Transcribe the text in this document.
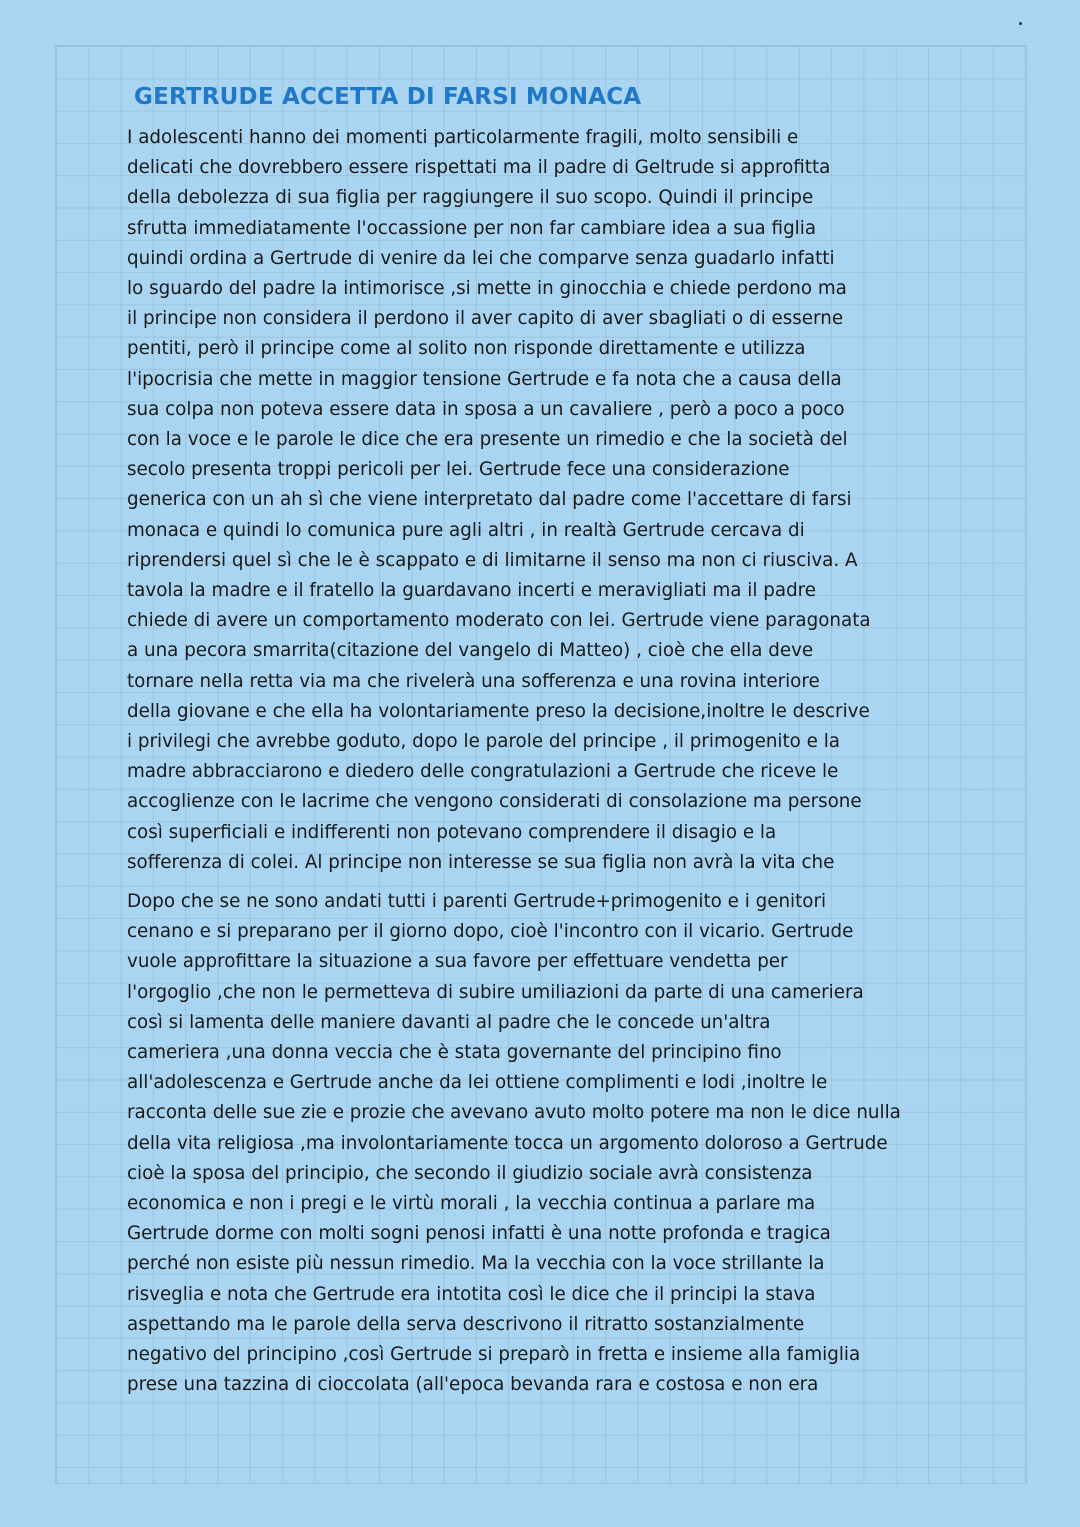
GERTRUDE ACCETTA DI FARSI MONACA
I adolescenti hanno dei momenti particolarmente fragili, molto sensibili e
delicati che dovrebbero essere rispettati ma il padre di Geltrude si approfitta
della debolezza di sua figlia per raggiungere il suo scopo. Quindi il principe
sfrutta immediatamente l'occassione per non far cambiare idea a sua figlia
quindi ordina a Gertrude di venire da lei che comparve senza guadarlo infatti
lo sguardo del padre la intimorisce ,si mette in ginocchia e chiede perdono ma
il principe non considera il perdono il aver capito di aver sbagliati o di esserne
pentiti, però il principe come al solito non risponde direttamente e utilizza
l'ipocrisia che mette in maggior tensione Gertrude e fa nota che a causa della
sua colpa non poteva essere data in sposa a un cavaliere , però a poco a poco
con la voce e le parole le dice che era presente un rimedio e che la società del
secolo presenta troppi pericoli per lei. Gertrude fece una considerazione
generica con un ah sì che viene interpretato dal padre come l'accettare di farsi
monaca e quindi lo comunica pure agli altri , in realtà Gertrude cercava di
riprendersi quel sì che le è scappato e di limitarne il senso ma non ci riusciva. A
tavola la madre e il fratello la guardavano incerti e meravigliati ma il padre
chiede di avere un comportamento moderato con lei. Gertrude viene paragonata
a una pecora smarrita(citazione del vangelo di Matteo) , cioè che ella deve
tornare nella retta via ma che rivelerà una sofferenza e una rovina interiore
della giovane e che ella ha volontariamente preso la decisione,inoltre le descrive
i privilegi che avrebbe goduto, dopo le parole del principe , il primogenito e la
madre abbracciarono e diedero delle congratulazioni a Gertrude che riceve le
accoglienze con le lacrime che vengono considerati di consolazione ma persone
così superficiali e indifferenti non potevano comprendere il disagio e la
sofferenza di colei. Al principe non interesse se sua figlia non avrà la vita che
Dopo che se ne sono andati tutti i parenti Gertrude+primogenito e i genitori
cenano e si preparano per il giorno dopo, cioè l'incontro con il vicario. Gertrude
vuole approfittare la situazione a sua favore per effettuare vendetta per
l'orgoglio ,che non le permetteva di subire umiliazioni da parte di una cameriera
così si lamenta delle maniere davanti al padre che le concede un'altra
cameriera ,una donna veccia che è stata governante del principino fino
all'adolescenza e Gertrude anche da lei ottiene complimenti e lodi ,inoltre le
racconta delle sue zie e prozie che avevano avuto molto potere ma non le dice nulla
della vita religiosa ,ma involontariamente tocca un argomento doloroso a Gertrude
cioè la sposa del principio, che secondo il giudizio sociale avrà consistenza
economica e non i pregi e le virtù morali , la vecchia continua a parlare ma
Gertrude dorme con molti sogni penosi infatti è una notte profonda e tragica
perché non esiste più nessun rimedio. Ma la vecchia con la voce strillante la
risveglia e nota che Gertrude era intotita così le dice che il principi la stava
aspettando ma le parole della serva descrivono il ritratto sostanzialmente
negativo del principino ,così Gertrude si preparò in fretta e insieme alla famiglia
prese una tazzina di cioccolata (all'epoca bevanda rara e costosa e non era
